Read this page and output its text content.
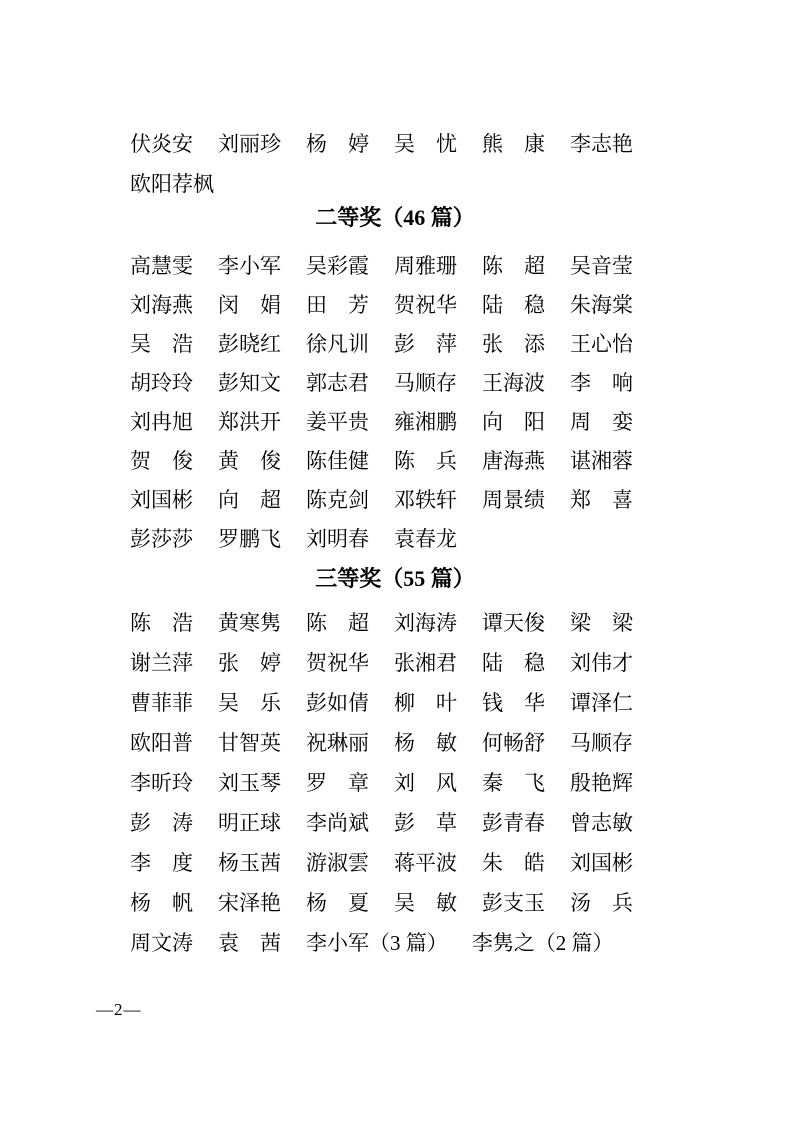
伏炎安 刘丽珍 杨　婷 吴　忧 熊　康 李志艳
欧阳荐枫
二等奖（46 篇）
高慧雯 李小军 吴彩霞 周雅珊 陈　超 吴音莹
刘海燕 闵　娟 田　芳 贺祝华 陆　稳 朱海棠
吴　浩 彭晓红 徐凡训 彭　萍 张　添 王心怡
胡玲玲 彭知文 郭志君 马顺存 王海波 李　响
刘冉旭 郑洪开 姜平贵 雍湘鹏 向　阳 周　娈
贺　俊 黄　俊 陈佳健 陈　兵 唐海燕 谌湘蓉
刘国彬 向　超 陈克剑 邓轶轩 周景绩 郑　喜
彭莎莎 罗鹏飞 刘明春 袁春龙
三等奖（55 篇）
陈　浩 黄寒隽 陈　超 刘海涛 谭天俊 梁　梁
谢兰萍 张　婷 贺祝华 张湘君 陆　稳 刘伟才
曹菲菲 吴　乐 彭如倩 柳　叶 钱　华 谭泽仁
欧阳普 甘智英 祝琳丽 杨　敏 何畅舒 马顺存
李昕玲 刘玉琴 罗　章 刘　风 秦　飞 殷艳辉
彭　涛 明正球 李尚斌 彭　草 彭青春 曾志敏
李　度 杨玉茜 游淑雲 蒋平波 朱　皓 刘国彬
杨　帆 宋泽艳 杨　夏 吴　敏 彭支玉 汤　兵
周文涛 袁　茜 李小军（3 篇） 李隽之（2 篇）
—2—
